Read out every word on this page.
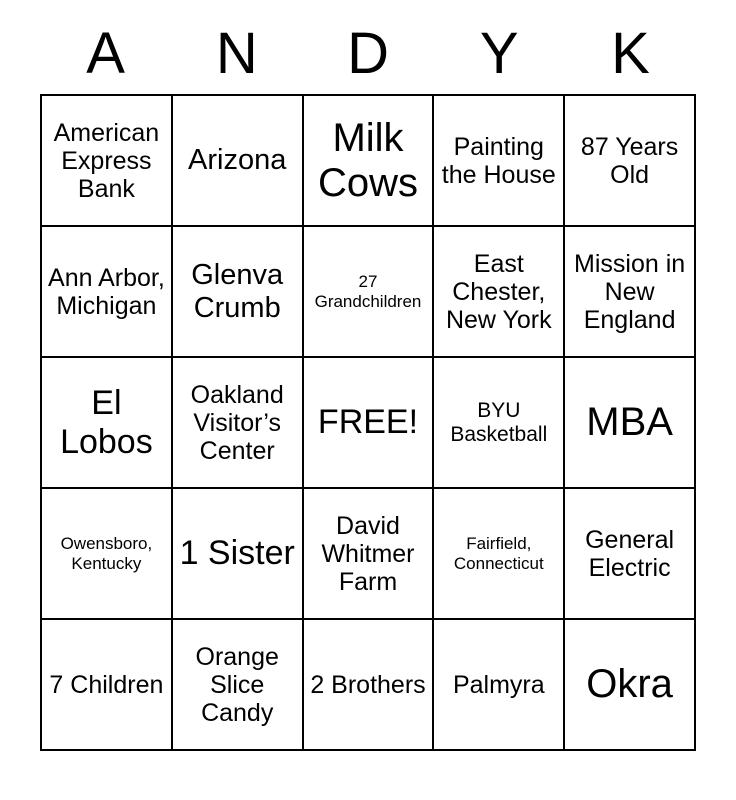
A	N	D	Y	K
American Express Bank	Arizona	Milk Cows	Painting the House	87 Years Old
Ann Arbor, Michigan	Glenva Crumb	27 Grandchildren	East Chester, New York	Mission in New England
El Lobos	Oakland Visitor’s Center	FREE!	BYU Basketball	MBA
Owensboro, Kentucky	1 Sister	David Whitmer Farm	Fairfield, Connecticut	General Electric
7 Children	Orange Slice Candy	2 Brothers	Palmyra	Okra
